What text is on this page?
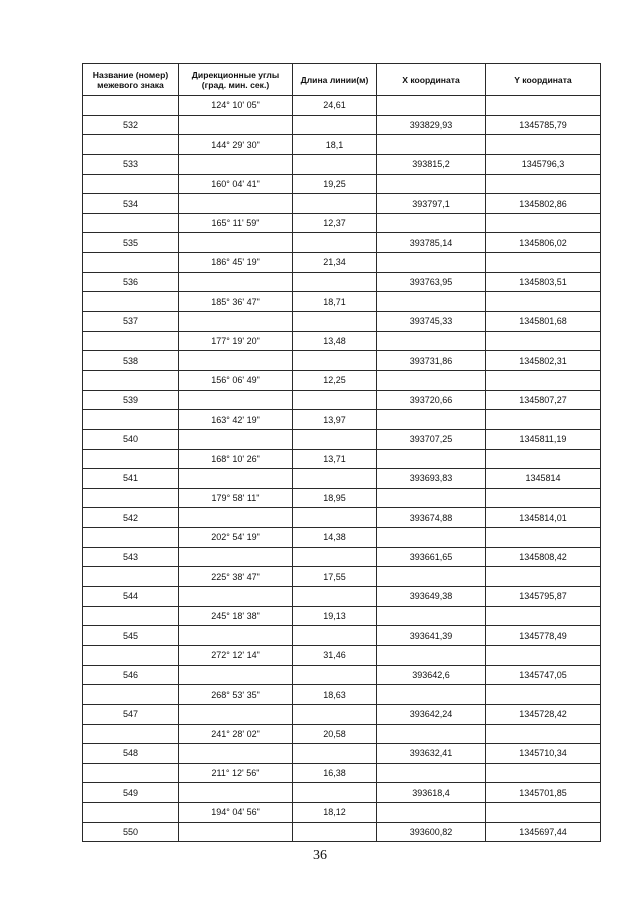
Название (номер) межевого знака	Дирекционные углы (град. мин. сек.)	Длина линии(м)	X координата	Y координата
	124° 10' 05"	24,61		
532			393829,93	1345785,79
	144° 29' 30"	18,1		
533			393815,2	1345796,3
	160° 04' 41"	19,25		
534			393797,1	1345802,86
	165° 11' 59"	12,37		
535			393785,14	1345806,02
	186° 45' 19"	21,34		
536			393763,95	1345803,51
	185° 36' 47"	18,71		
537			393745,33	1345801,68
	177° 19' 20"	13,48		
538			393731,86	1345802,31
	156° 06' 49"	12,25		
539			393720,66	1345807,27
	163° 42' 19"	13,97		
540			393707,25	1345811,19
	168° 10' 26"	13,71		
541			393693,83	1345814
	179° 58' 11"	18,95		
542			393674,88	1345814,01
	202° 54' 19"	14,38		
543			393661,65	1345808,42
	225° 38' 47"	17,55		
544			393649,38	1345795,87
	245° 18' 38"	19,13		
545			393641,39	1345778,49
	272° 12' 14"	31,46		
546			393642,6	1345747,05
	268° 53' 35"	18,63		
547			393642,24	1345728,42
	241° 28' 02"	20,58		
548			393632,41	1345710,34
	211° 12' 56"	16,38		
549			393618,4	1345701,85
	194° 04' 56"	18,12		
550			393600,82	1345697,44
36
